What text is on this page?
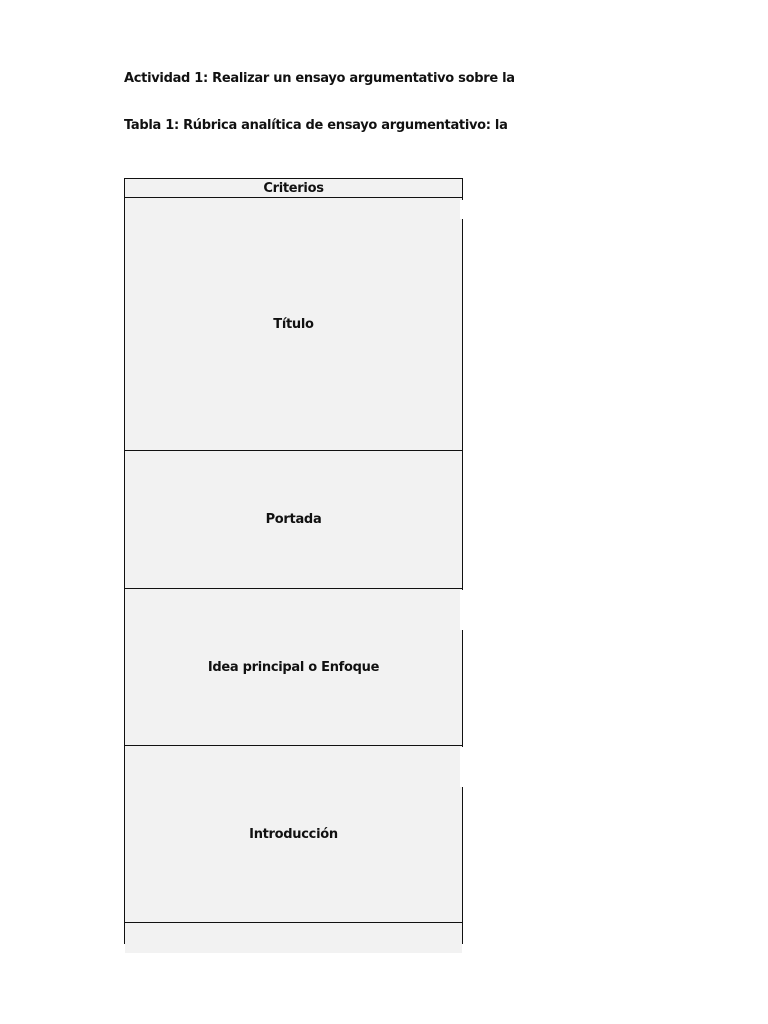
Actividad 1: Realizar un ensayo argumentativo sobre la
Tabla 1: Rúbrica analítica de ensayo argumentativo: la
Criterios
Título
Portada
Idea principal o Enfoque
Introducción
